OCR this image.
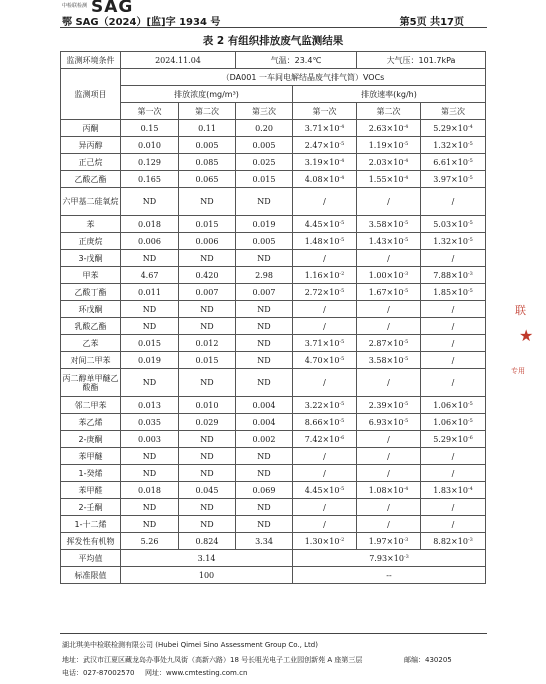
中检联检测 SAG
鄂 SAG（2024）[监]字 1934 号	第5页 共17页
表 2 有组织排放废气监测结果
监测环境条件	2024.11.04		气温：23.4℃		大气压：101.7kPa	
监测项目	（DA001 一车间电解结晶废气排气筒）VOCs					
	排放浓度(mg/m³)			排放速率(kg/h)		
	第一次	第二次	第三次	第一次	第二次	第三次
丙酮	0.15	0.11	0.20	$3.71\times 10^{-4}$	$2.63\times 10^{-4}$	$5.29\times 10^{-4}$
异丙醇	0.010	0.005	0.005	$2.47\times 10^{-5}$	$1.19\times 10^{-5}$	$1.32\times 10^{-5}$
正己烷	0.129	0.085	0.025	$3.19\times 10^{-4}$	$2.03\times 10^{-4}$	$6.61\times 10^{-5}$
乙酸乙酯	0.165	0.065	0.015	$4.08\times 10^{-4}$	$1.55\times 10^{-4}$	$3.97\times 10^{-5}$
六甲基二硅氧烷	ND	ND	ND	/	/	/
苯	0.018	0.015	0.019	$4.45\times 10^{-5}$	$3.58\times 10^{-5}$	$5.03\times 10^{-5}$
正庚烷	0.006	0.006	0.005	$1.48\times 10^{-5}$	$1.43\times 10^{-5}$	$1.32\times 10^{-5}$
3-戊酮	ND	ND	ND	/	/	/
甲苯	4.67	0.420	2.98	$1.16\times 10^{-2}$	$1.00\times 10^{-3}$	$7.88\times 10^{-3}$
乙酸丁酯	0.011	0.007	0.007	$2.72\times 10^{-5}$	$1.67\times 10^{-5}$	$1.85\times 10^{-5}$
环戊酮	ND	ND	ND	/	/	/
乳酸乙酯	ND	ND	ND	/	/	/
乙苯	0.015	0.012	ND	$3.71\times 10^{-5}$	$2.87\times 10^{-5}$	/
对间二甲苯	0.019	0.015	ND	$4.70\times 10^{-5}$	$3.58\times 10^{-5}$	/
丙二醇单甲醚乙酸酯	ND	ND	ND	/	/	/
邻二甲苯	0.013	0.010	0.004	$3.22\times 10^{-5}$	$2.39\times 10^{-5}$	$1.06\times 10^{-5}$
苯乙烯	0.035	0.029	0.004	$8.66\times 10^{-5}$	$6.93\times 10^{-5}$	$1.06\times 10^{-5}$
2-庚酮	0.003	ND	0.002	$7.42\times 10^{-6}$	/	$5.29\times 10^{-6}$
苯甲醚	ND	ND	ND	/	/	/
1-癸烯	ND	ND	ND	/	/	/
苯甲醛	0.018	0.045	0.069	$4.45\times 10^{-5}$	$1.08\times 10^{-4}$	$1.83\times 10^{-4}$
2-壬酮	ND	ND	ND	/	/	/
1-十二烯	ND	ND	ND	/	/	/
挥发性有机物	5.26	0.824	3.34	$1.30\times 10^{-2}$	$1.97\times 10^{-3}$	$8.82\times 10^{-3}$
平均值	3.14			$7.93\times 10^{-3}$
标准限值	100			--		
联
★
专用
湖北琪美中检联检测有限公司 (Hubei Qimei Sino Assessment Group Co., Ltd)
地址：武汉市江夏区藏龙岛办事处九凤街（高新六路）18 号长咀光电子工业园创新苑 A 座第三层	邮编：430205
电话：027-87002570 网址：www.cmtesting.com.cn
